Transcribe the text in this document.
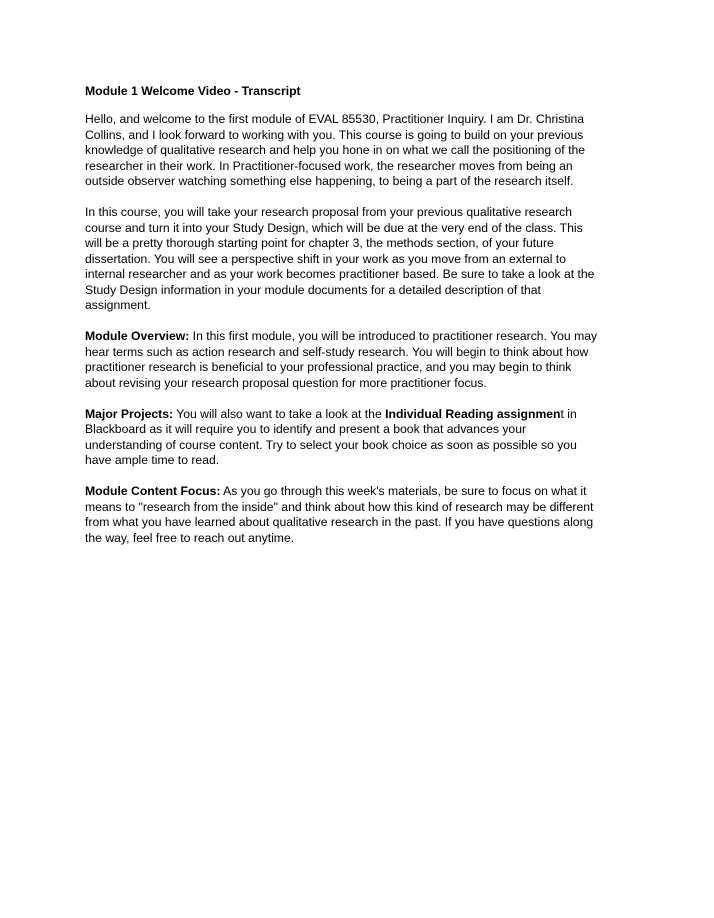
Module 1 Welcome Video - Transcript

Hello, and welcome to the first module of EVAL 85530, Practitioner Inquiry. I am Dr. Christina
Collins, and I look forward to working with you. This course is going to build on your previous
knowledge of qualitative research and help you hone in on what we call the positioning of the
researcher in their work. In Practitioner-focused work, the researcher moves from being an
outside observer watching something else happening, to being a part of the research itself.

In this course, you will take your research proposal from your previous qualitative research
course and turn it into your Study Design, which will be due at the very end of the class. This
will be a pretty thorough starting point for chapter 3, the methods section, of your future
dissertation. You will see a perspective shift in your work as you move from an external to
internal researcher and as your work becomes practitioner based. Be sure to take a look at the
Study Design information in your module documents for a detailed description of that
assignment.

Module Overview: In this first module, you will be introduced to practitioner research. You may
hear terms such as action research and self-study research. You will begin to think about how
practitioner research is beneficial to your professional practice, and you may begin to think
about revising your research proposal question for more practitioner focus.

Major Projects: You will also want to take a look at the Individual Reading assignment in
Blackboard as it will require you to identify and present a book that advances your
understanding of course content. Try to select your book choice as soon as possible so you
have ample time to read.

Module Content Focus: As you go through this week's materials, be sure to focus on what it
means to "research from the inside" and think about how this kind of research may be different
from what you have learned about qualitative research in the past. If you have questions along
the way, feel free to reach out anytime.
